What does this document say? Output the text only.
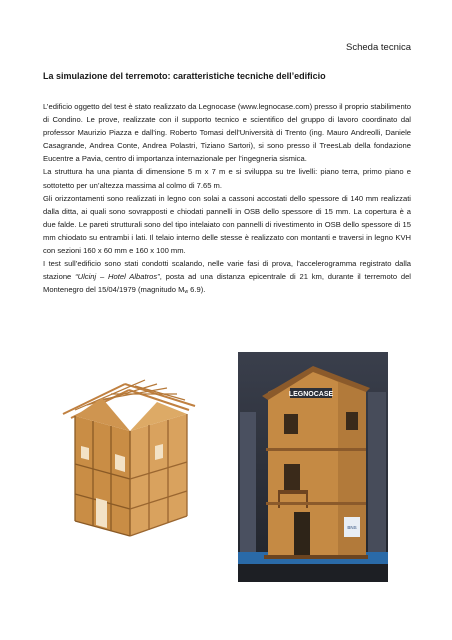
Scheda tecnica
La simulazione del terremoto: caratteristiche tecniche dell’edificio

L’edificio oggetto del test è stato realizzato da Legnocase (www.legnocase.com) presso il proprio stabilimento di Condino. Le prove, realizzate con il supporto tecnico e scientifico del gruppo di lavoro coordinato dal professor Maurizio Piazza e dall'ing. Roberto Tomasi dell'Università di Trento (ing. Mauro Andreolli, Daniele Casagrande, Andrea Conte, Andrea Polastri, Tiziano Sartori), si sono presso il TreesLab della fondazione Eucentre a Pavia, centro di importanza internazionale per l’ingegneria sismica.

La struttura ha una pianta di dimensione 5 m x 7 m e si sviluppa su tre livelli: piano terra, primo piano e sottotetto per un’altezza massima al colmo di 7.65 m.

Gli orizzontamenti sono realizzati in legno con solai a cassoni accostati dello spessore di 140 mm realizzati dalla ditta, ai quali sono sovrapposti e chiodati pannelli in OSB dello spessore di 15 mm. La copertura è a due falde. Le pareti strutturali sono del tipo intelaiato con pannelli di rivestimento in OSB dello spessore di 15 mm chiodato su entrambi i lati. Il telaio interno delle stesse è realizzato con montanti e traversi in legno KVH con sezioni 160 x 60 mm e 160 x 100 mm.

I test sull’edificio sono stati condotti scalando, nelle varie fasi di prova, l’accelerogramma registrato dalla stazione “Ulcinj – Hotel Albatros”, posta ad una distanza epicentrale di 21 km, durante il terremoto del Montenegro del 15/04/1979 (magnitudo $M_w$ 6.9).

LEGNOCASE
BNS
